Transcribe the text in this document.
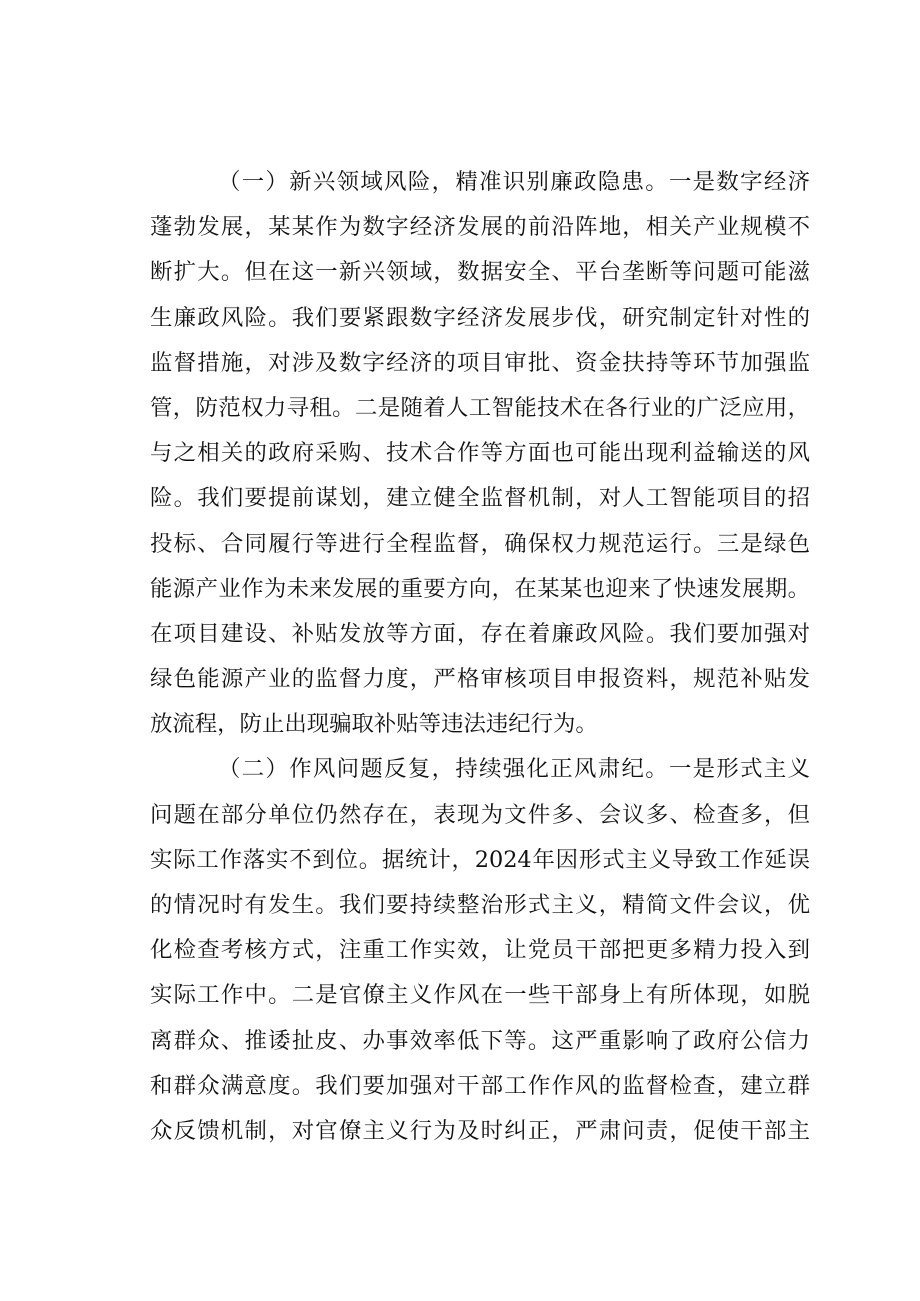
（一）新兴领域风险，精准识别廉政隐患。一是数字经济
蓬勃发展，某某作为数字经济发展的前沿阵地，相关产业规模不
断扩大。但在这一新兴领域，数据安全、平台垄断等问题可能滋
生廉政风险。我们要紧跟数字经济发展步伐，研究制定针对性的
监督措施，对涉及数字经济的项目审批、资金扶持等环节加强监
管，防范权力寻租。二是随着人工智能技术在各行业的广泛应用，
与之相关的政府采购、技术合作等方面也可能出现利益输送的风
险。我们要提前谋划，建立健全监督机制，对人工智能项目的招
投标、合同履行等进行全程监督，确保权力规范运行。三是绿色
能源产业作为未来发展的重要方向，在某某也迎来了快速发展期。
在项目建设、补贴发放等方面，存在着廉政风险。我们要加强对
绿色能源产业的监督力度，严格审核项目申报资料，规范补贴发
放流程，防止出现骗取补贴等违法违纪行为。
（二）作风问题反复，持续强化正风肃纪。一是形式主义
问题在部分单位仍然存在，表现为文件多、会议多、检查多，但
实际工作落实不到位。据统计，2024年因形式主义导致工作延误
的情况时有发生。我们要持续整治形式主义，精简文件会议，优
化检查考核方式，注重工作实效，让党员干部把更多精力投入到
实际工作中。二是官僚主义作风在一些干部身上有所体现，如脱
离群众、推诿扯皮、办事效率低下等。这严重影响了政府公信力
和群众满意度。我们要加强对干部工作作风的监督检查，建立群
众反馈机制，对官僚主义行为及时纠正，严肃问责，促使干部主
